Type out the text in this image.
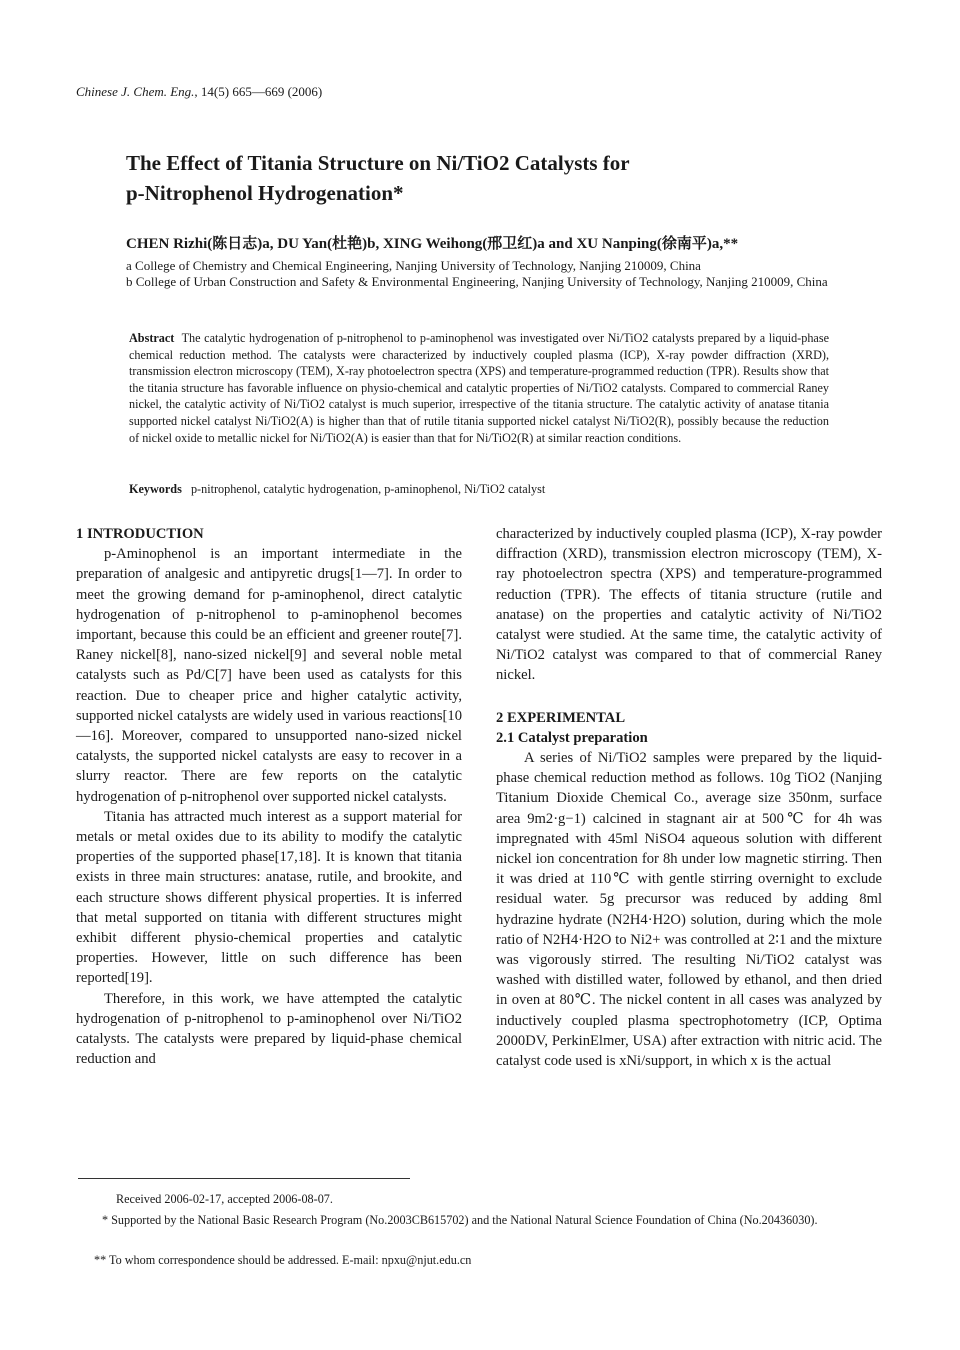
Chinese J. Chem. Eng., 14(5) 665—669 (2006)
The Effect of Titania Structure on Ni/TiO2 Catalysts for
p-Nitrophenol Hydrogenation*
CHEN Rizhi(陈日志)a, DU Yan(杜艳)b, XING Weihong(邢卫红)a and XU Nanping(徐南平)a,**
a College of Chemistry and Chemical Engineering, Nanjing University of Technology, Nanjing 210009, China
b College of Urban Construction and Safety & Environmental Engineering, Nanjing University of Technology, Nanjing 210009, China
Abstract The catalytic hydrogenation of p-nitrophenol to p-aminophenol was investigated over Ni/TiO2 catalysts prepared by a liquid-phase chemical reduction method. The catalysts were characterized by inductively coupled plasma (ICP), X-ray powder diffraction (XRD), transmission electron microscopy (TEM), X-ray photoelectron spectra (XPS) and temperature-programmed reduction (TPR). Results show that the titania structure has favorable influence on physio-chemical and catalytic properties of Ni/TiO2 catalysts. Compared to commercial Raney nickel, the catalytic activity of Ni/TiO2 catalyst is much superior, irrespective of the titania structure. The catalytic activity of anatase titania supported nickel catalyst Ni/TiO2(A) is higher than that of rutile titania supported nickel catalyst Ni/TiO2(R), possibly because the reduction of nickel oxide to metallic nickel for Ni/TiO2(A) is easier than that for Ni/TiO2(R) at similar reaction conditions.
Keywords p-nitrophenol, catalytic hydrogenation, p-aminophenol, Ni/TiO2 catalyst
1 INTRODUCTION

p-Aminophenol is an important intermediate in the preparation of analgesic and antipyretic drugs[1—7]. In order to meet the growing demand for p-aminophenol, direct catalytic hydrogenation of p-nitrophenol to p-aminophenol becomes important, because this could be an efficient and greener route[7]. Raney nickel[8], nano-sized nickel[9] and several noble metal catalysts such as Pd/C[7] have been used as catalysts for this reaction. Due to cheaper price and higher catalytic activity, supported nickel catalysts are widely used in various reactions[10—16]. Moreover, compared to unsupported nano-sized nickel catalysts, the supported nickel catalysts are easy to recover in a slurry reactor. There are few reports on the catalytic hydrogenation of p-nitrophenol over supported nickel catalysts.

Titania has attracted much interest as a support material for metals or metal oxides due to its ability to modify the catalytic properties of the supported phase[17,18]. It is known that titania exists in three main structures: anatase, rutile, and brookite, and each structure shows different physical properties. It is inferred that metal supported on titania with different structures might exhibit different physio-chemical properties and catalytic properties. However, little on such difference has been reported[19].

Therefore, in this work, we have attempted the catalytic hydrogenation of p-nitrophenol to p-aminophenol over Ni/TiO2 catalysts. The catalysts were prepared by liquid-phase chemical reduction and

characterized by inductively coupled plasma (ICP), X-ray powder diffraction (XRD), transmission electron microscopy (TEM), X-ray photoelectron spectra (XPS) and temperature-programmed reduction (TPR). The effects of titania structure (rutile and anatase) on the properties and catalytic activity of Ni/TiO2 catalyst were studied. At the same time, the catalytic activity of Ni/TiO2 catalyst was compared to that of commercial Raney nickel.

2 EXPERIMENTAL
2.1 Catalyst preparation

A series of Ni/TiO2 samples were prepared by the liquid-phase chemical reduction method as follows. 10g TiO2 (Nanjing Titanium Dioxide Chemical Co., average size 350nm, surface area 9m2·g−1) calcined in stagnant air at 500℃ for 4h was impregnated with 45ml NiSO4 aqueous solution with different nickel ion concentration for 8h under low magnetic stirring. Then it was dried at 110℃ with gentle stirring overnight to exclude residual water. 5g precursor was reduced by adding 8ml hydrazine hydrate (N2H4·H2O) solution, during which the mole ratio of N2H4·H2O to Ni2+ was controlled at 2∶1 and the mixture was vigorously stirred. The resulting Ni/TiO2 catalyst was washed with distilled water, followed by ethanol, and then dried in oven at 80℃. The nickel content in all cases was analyzed by inductively coupled plasma spectrophotometry (ICP, Optima 2000DV, PerkinElmer, USA) after extraction with nitric acid. The catalyst code used is xNi/support, in which x is the actual

Received 2006-02-17, accepted 2006-08-07.
* Supported by the National Basic Research Program (No.2003CB615702) and the National Natural Science Foundation of China (No.20436030).
** To whom correspondence should be addressed. E-mail: npxu@njut.edu.cn
